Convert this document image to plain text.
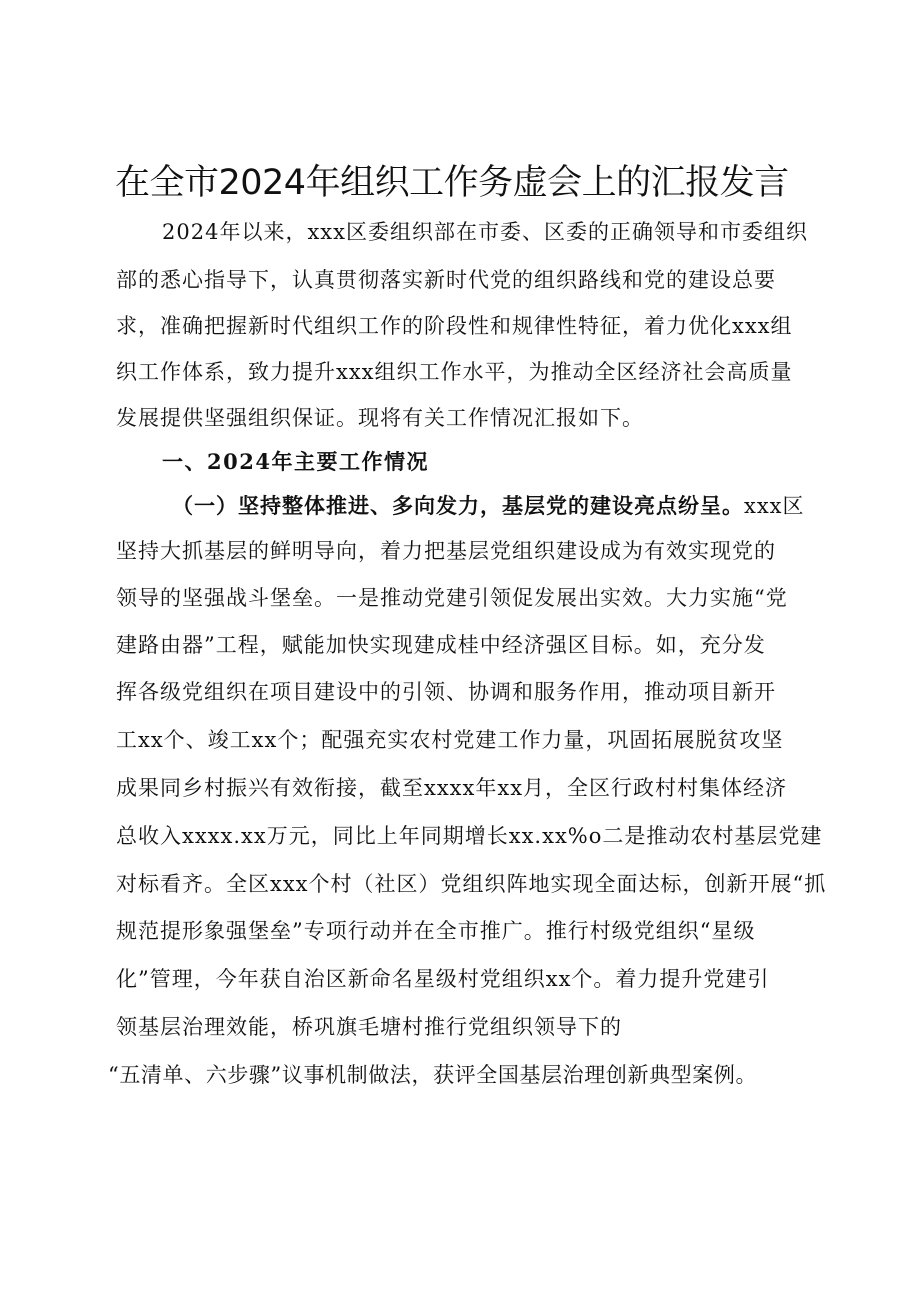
在全市2024年组织工作务虚会上的汇报发言
2024年以来，xxx区委组织部在市委、区委的正确领导和市委组织
部的悉心指导下，认真贯彻落实新时代党的组织路线和党的建设总要
求，准确把握新时代组织工作的阶段性和规律性特征，着力优化xxx组
织工作体系，致力提升xxx组织工作水平，为推动全区经济社会高质量
发展提供坚强组织保证。现将有关工作情况汇报如下。
一、2024年主要工作情况
（一）坚持整体推进、多向发力，基层党的建设亮点纷呈。xxx区
坚持大抓基层的鲜明导向，着力把基层党组织建设成为有效实现党的
领导的坚强战斗堡垒。一是推动党建引领促发展出实效。大力实施“党
建路由器”工程，赋能加快实现建成桂中经济强区目标。如，充分发
挥各级党组织在项目建设中的引领、协调和服务作用，推动项目新开
工xx个、竣工xx个；配强充实农村党建工作力量，巩固拓展脱贫攻坚
成果同乡村振兴有效衔接，截至xxxx年xx月，全区行政村村集体经济
总收入xxxx.xx万元，同比上年同期增长xx.xx%o二是推动农村基层党建
对标看齐。全区xxx个村（社区）党组织阵地实现全面达标，创新开展“抓
规范提形象强堡垒”专项行动并在全市推广。推行村级党组织“星级
化”管理，今年获自治区新命名星级村党组织xx个。着力提升党建引
领基层治理效能，桥巩旗毛塘村推行党组织领导下的
“五清单、六步骤”议事机制做法，获评全国基层治理创新典型案例。
